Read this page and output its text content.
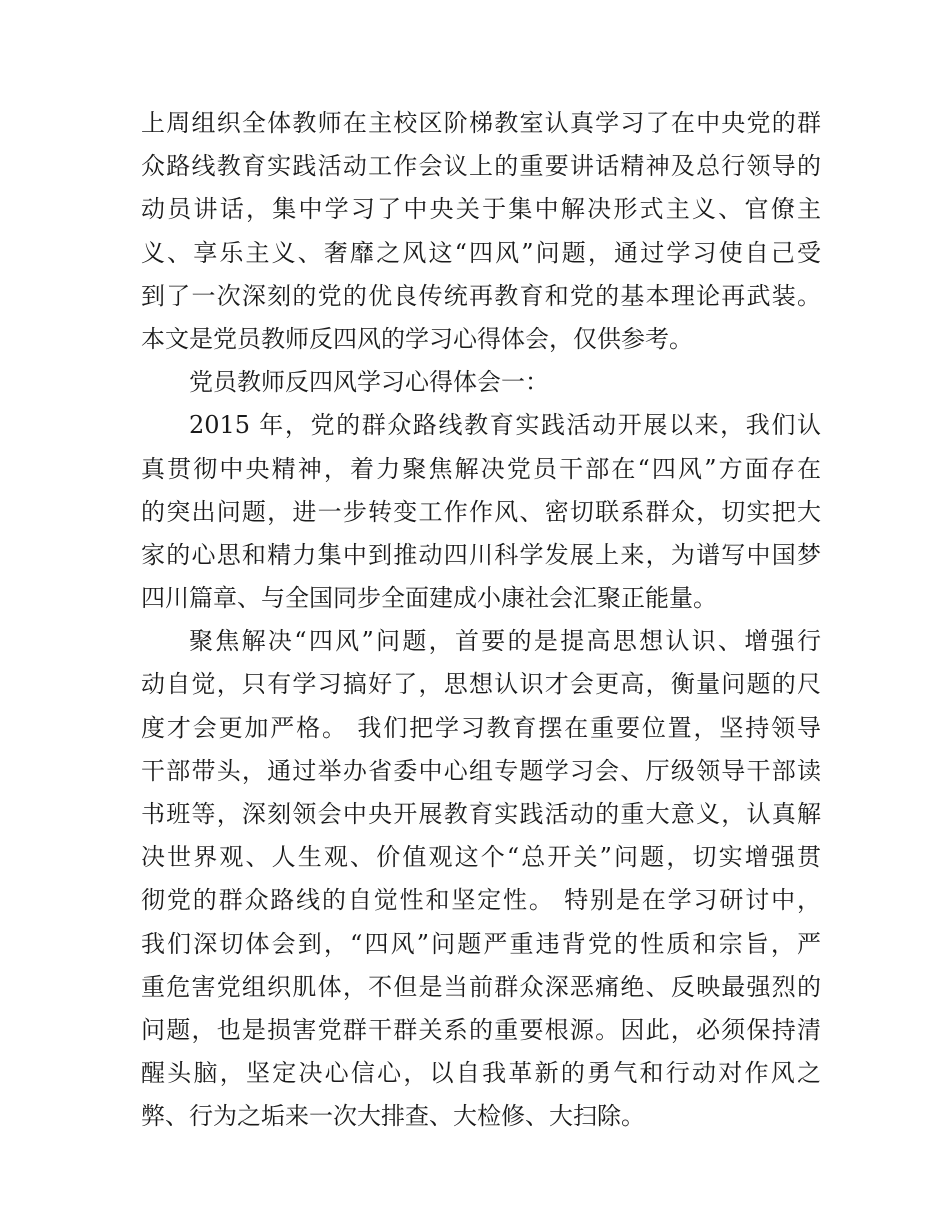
上周组织全体教师在主校区阶梯教室认真学习了在中央党的群
众路线教育实践活动工作会议上的重要讲话精神及总行领导的
动员讲话，集中学习了中央关于集中解决形式主义、官僚主
义、享乐主义、奢靡之风这“四风”问题，通过学习使自己受
到了一次深刻的党的优良传统再教育和党的基本理论再武装。
本文是党员教师反四风的学习心得体会，仅供参考。
党员教师反四风学习心得体会一：
2015 年，党的群众路线教育实践活动开展以来，我们认
真贯彻中央精神，着力聚焦解决党员干部在“四风”方面存在
的突出问题，进一步转变工作作风、密切联系群众，切实把大
家的心思和精力集中到推动四川科学发展上来，为谱写中国梦
四川篇章、与全国同步全面建成小康社会汇聚正能量。
聚焦解决“四风”问题，首要的是提高思想认识、增强行
动自觉，只有学习搞好了，思想认识才会更高，衡量问题的尺
度才会更加严格。 我们把学习教育摆在重要位置，坚持领导
干部带头，通过举办省委中心组专题学习会、厅级领导干部读
书班等，深刻领会中央开展教育实践活动的重大意义，认真解
决世界观、人生观、价值观这个“总开关”问题，切实增强贯
彻党的群众路线的自觉性和坚定性。 特别是在学习研讨中，
我们深切体会到，“四风”问题严重违背党的性质和宗旨，严
重危害党组织肌体，不但是当前群众深恶痛绝、反映最强烈的
问题，也是损害党群干群关系的重要根源。因此，必须保持清
醒头脑，坚定决心信心，以自我革新的勇气和行动对作风之
弊、行为之垢来一次大排查、大检修、大扫除。
